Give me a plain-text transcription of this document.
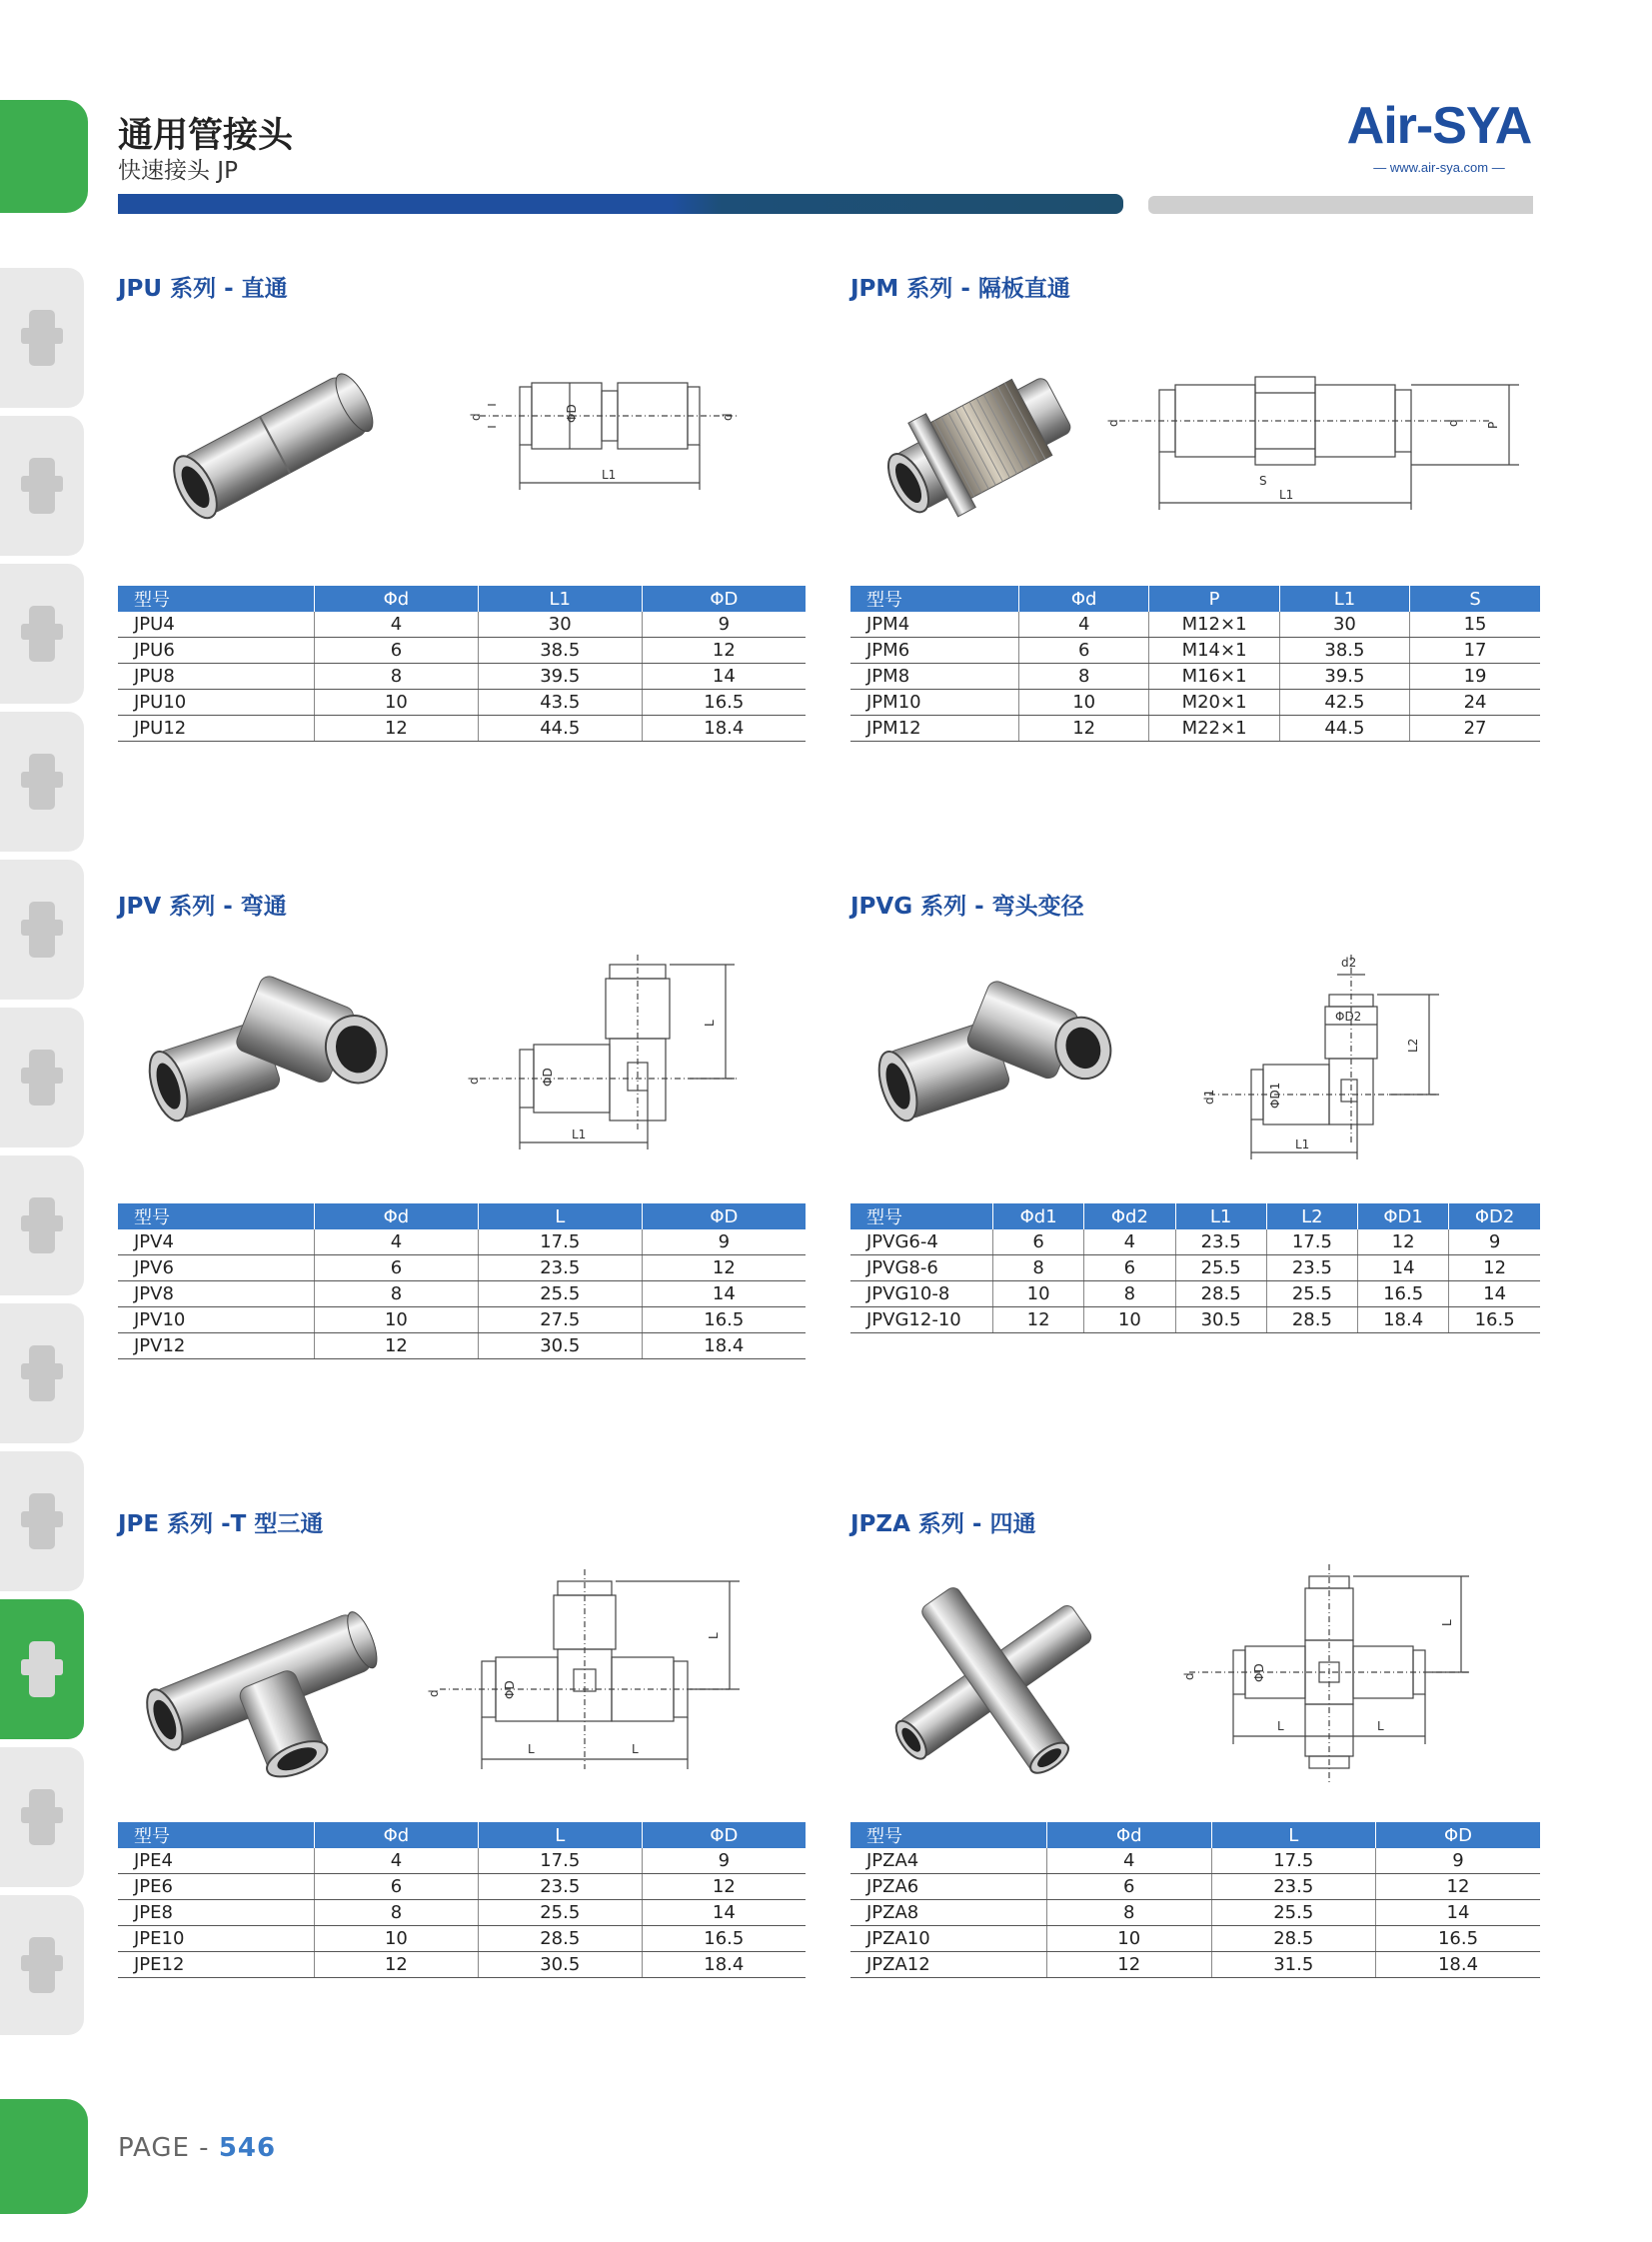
通用管接头
快速接头 JP
Air-SYA
— www.air-sya.com —
JPU 系列 - 直通	JPM 系列 - 隔板直通
JPV 系列 - 弯通	JPVG 系列 - 弯头变径
JPE 系列 -T 型三通	JPZA 系列 - 四通
d	ΦD	d
L1
d	d P
S
L1
d	ΦD
L
L1
d2
ΦD2
L2
d1	ΦD1
L1
d	ΦD
L
L	L
d	ΦD
L
L	L
型号	Φd	L1	ΦD
JPU4	4	30	9
JPU6	6	38.5	12
JPU8	8	39.5	14
JPU10	10	43.5	16.5
JPU12	12	44.5	18.4
型号	Φd	P	L1	S
JPM4	4	M12×1	30	15
JPM6	6	M14×1	38.5	17
JPM8	8	M16×1	39.5	19
JPM10	10	M20×1	42.5	24
JPM12	12	M22×1	44.5	27
型号	Φd	L	ΦD
JPV4	4	17.5	9
JPV6	6	23.5	12
JPV8	8	25.5	14
JPV10	10	27.5	16.5
JPV12	12	30.5	18.4
型号	Φd1	Φd2	L1	L2	ΦD1	ΦD2
JPVG6-4	6	4	23.5	17.5	12	9
JPVG8-6	8	6	25.5	23.5	14	12
JPVG10-8	10	8	28.5	25.5	16.5	14
JPVG12-10	12	10	30.5	28.5	18.4	16.5
型号	Φd	L	ΦD
JPE4	4	17.5	9
JPE6	6	23.5	12
JPE8	8	25.5	14
JPE10	10	28.5	16.5
JPE12	12	30.5	18.4
型号	Φd	L	ΦD
JPZA4	4	17.5	9
JPZA6	6	23.5	12
JPZA8	8	25.5	14
JPZA10	10	28.5	16.5
JPZA12	12	31.5	18.4
PAGE - 546
